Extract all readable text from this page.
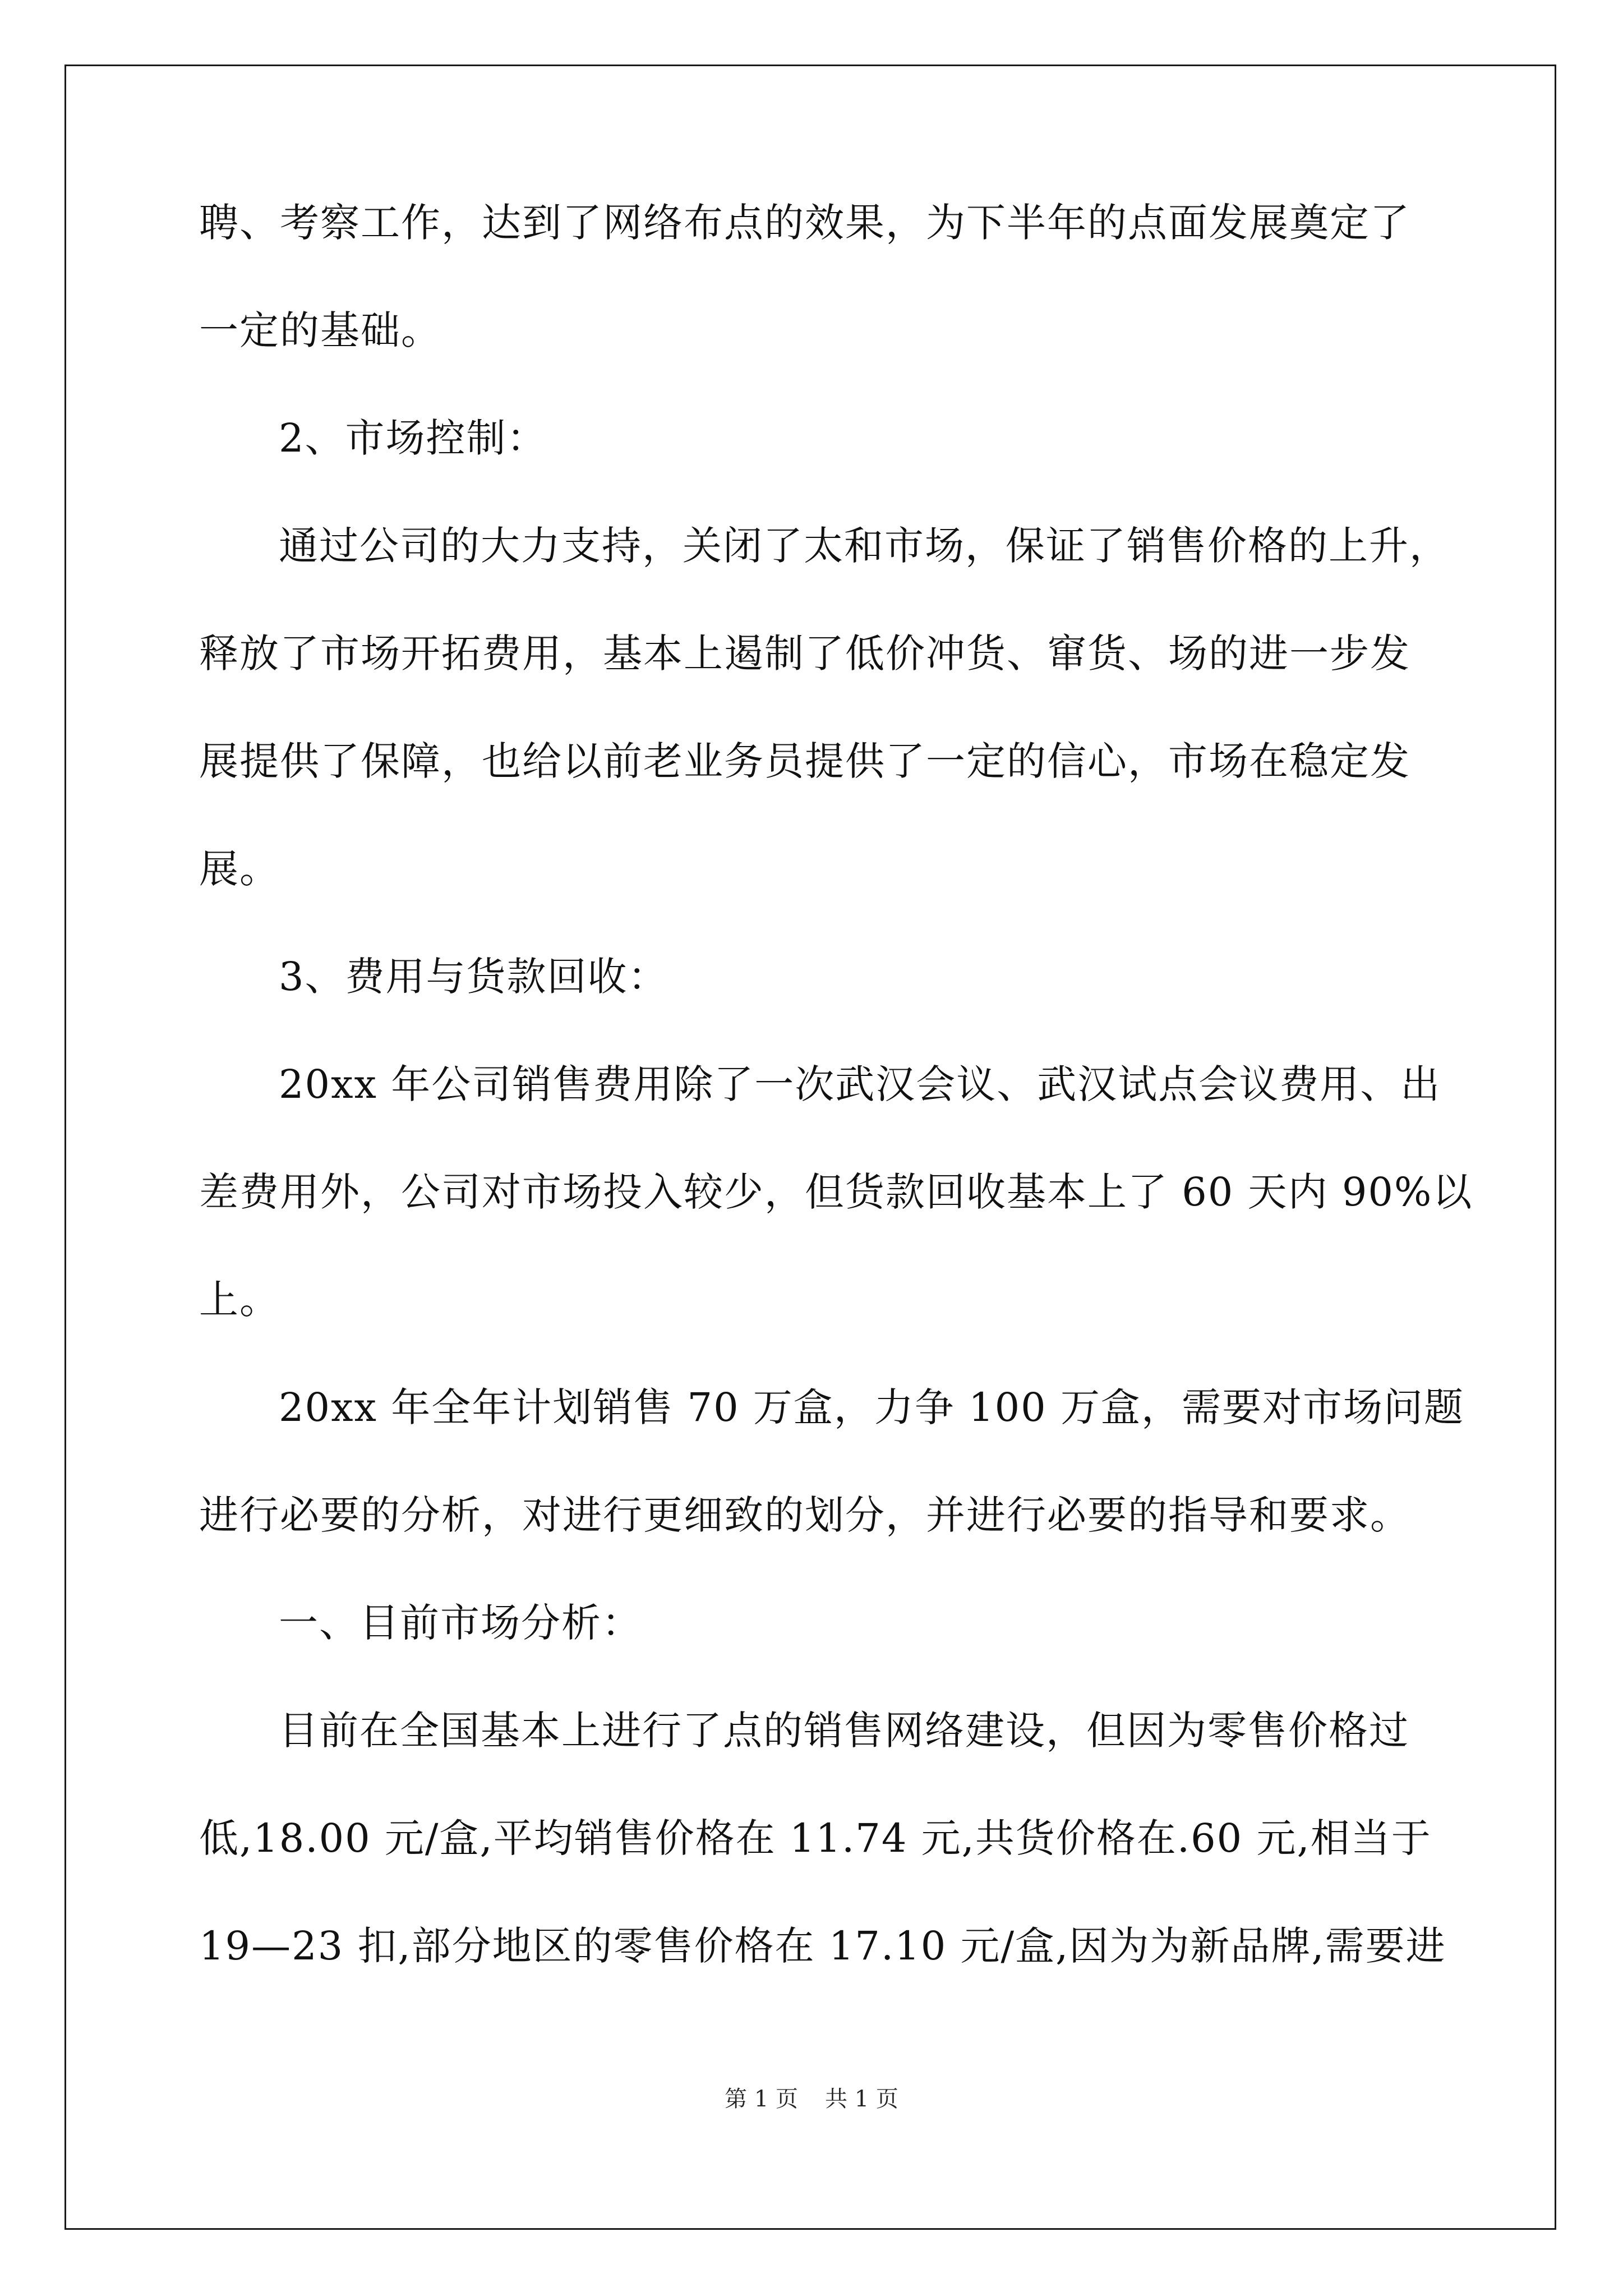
聘、考察工作，达到了网络布点的效果，为下半年的点面发展奠定了
一定的基础。
2、市场控制：
通过公司的大力支持，关闭了太和市场，保证了销售价格的上升，
释放了市场开拓费用，基本上遏制了低价冲货、窜货、场的进一步发
展提供了保障，也给以前老业务员提供了一定的信心，市场在稳定发
展。
3、费用与货款回收：
20xx 年公司销售费用除了一次武汉会议、武汉试点会议费用、出
差费用外，公司对市场投入较少，但货款回收基本上了 60 天内 90%以
上。
20xx 年全年计划销售 70 万盒，力争 100 万盒，需要对市场问题
进行必要的分析，对进行更细致的划分，并进行必要的指导和要求。
一、目前市场分析：
目前在全国基本上进行了点的销售网络建设，但因为零售价格过
低,18.00 元/盒,平均销售价格在 11.74 元,共货价格在.60 元,相当于
19—23 扣,部分地区的零售价格在 17.10 元/盒,因为为新品牌,需要进
第 1 页 共 1 页
